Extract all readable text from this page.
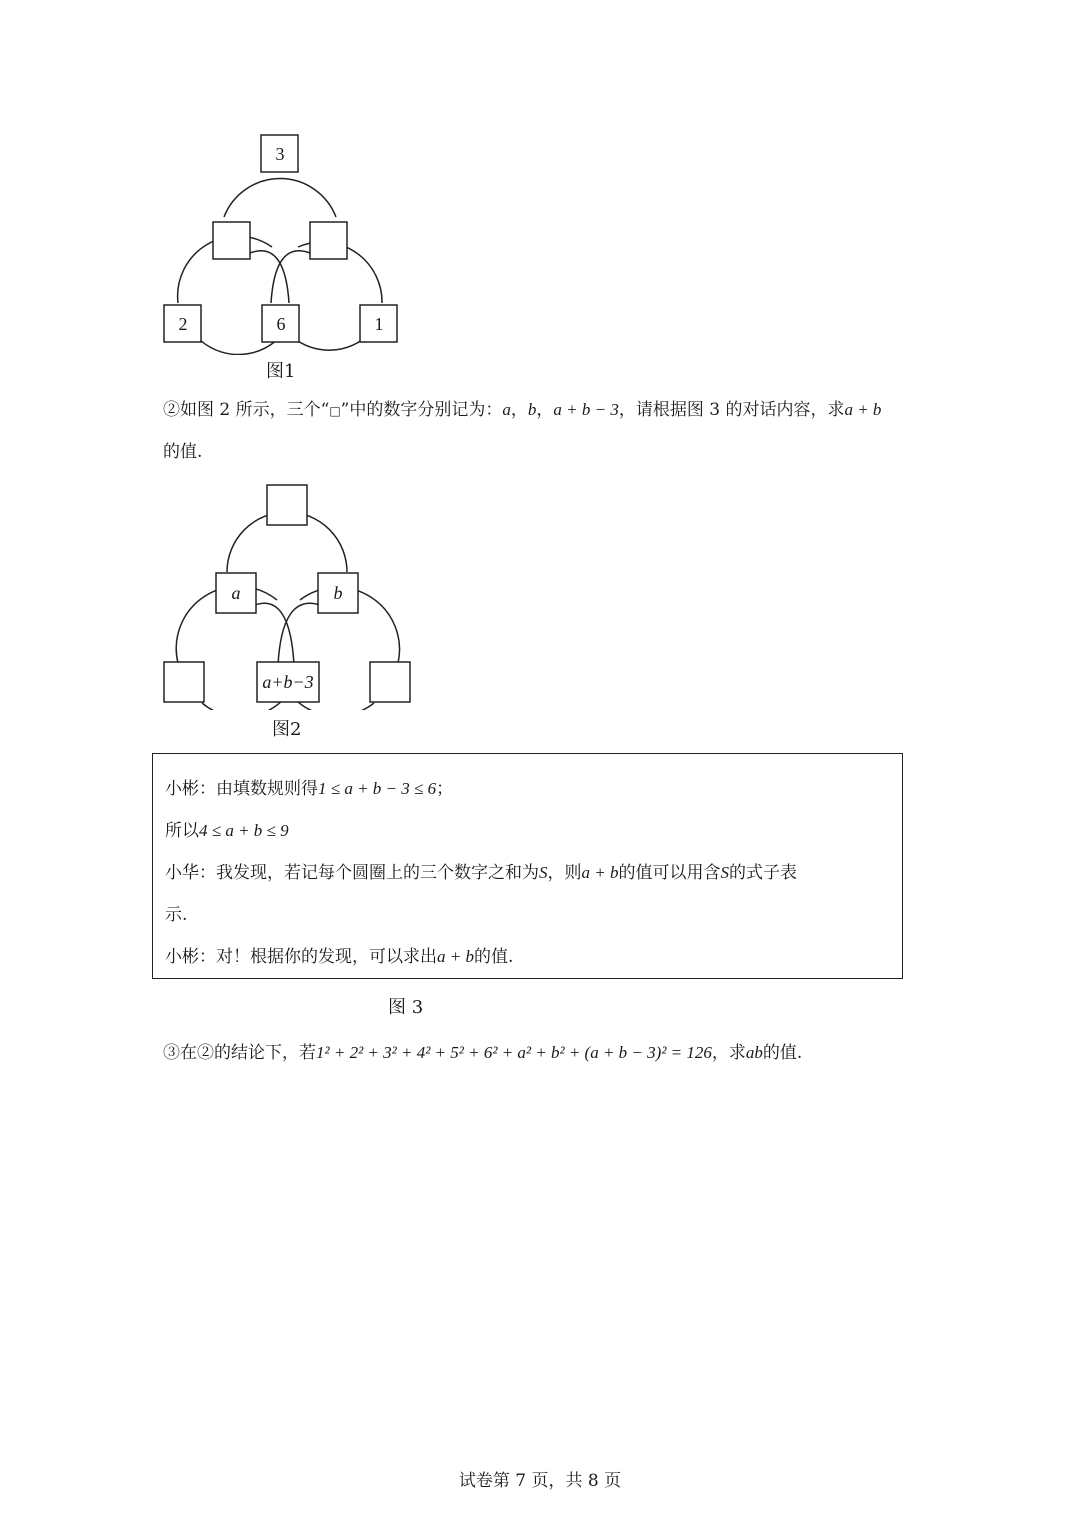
3
2	6	1
图1
②如图 2 所示，三个“□”中的数字分别记为：a，b，a + b − 3，请根据图 3 的对话内容，求a + b
的值.
a	b
a+b−3
图2
小彬：由填数规则得1 ≤ a + b − 3 ≤ 6；
所以4 ≤ a + b ≤ 9
小华：我发现，若记每个圆圈上的三个数字之和为S，则a + b的值可以用含S的式子表
示.
小彬：对！根据你的发现，可以求出a + b的值.
图 3
③在②的结论下，若1² + 2² + 3² + 4² + 5² + 6² + a² + b² + (a + b − 3)² = 126，求ab的值.
试卷第 7 页，共 8 页
